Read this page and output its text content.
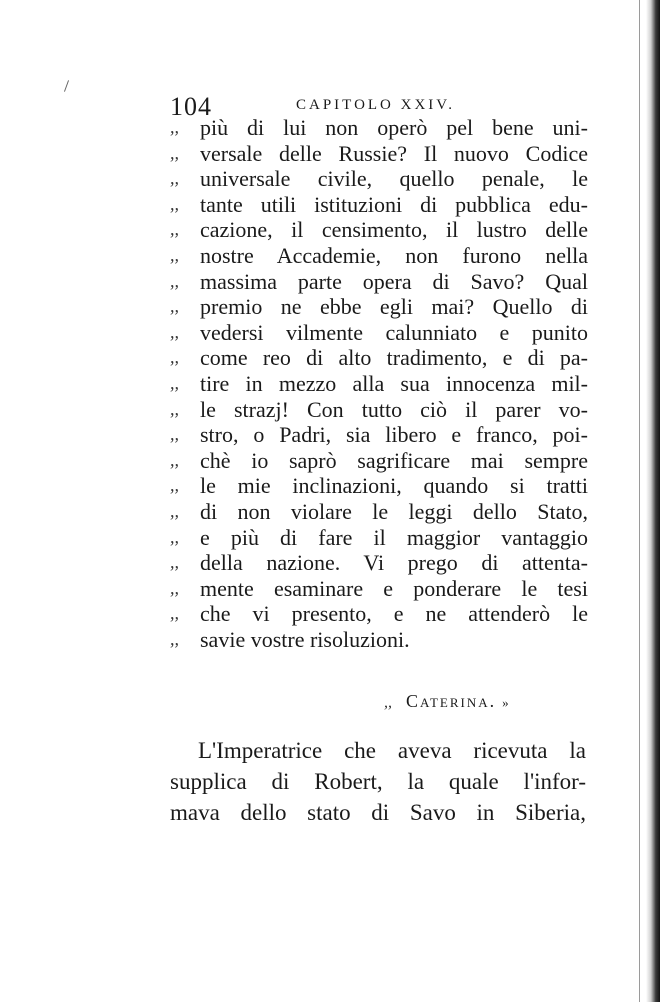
104	CAPITOLO XXIV.
,, più di lui non operò pel bene uni-
,, versale delle Russie? Il nuovo Codice
,, universale civile, quello penale, le
,, tante utili istituzioni di pubblica edu-
,, cazione, il censimento, il lustro delle
,, nostre Accademie, non furono nella
,, massima parte opera di Savo? Qual
,, premio ne ebbe egli mai? Quello di
,, vedersi vilmente calunniato e punito
,, come reo di alto tradimento, e di pa-
,, tire in mezzo alla sua innocenza mil-
,, le strazj! Con tutto ciò il parer vo-
,, stro, o Padri, sia libero e franco, poi-
,, chè io saprò sagrificare mai sempre
,, le mie inclinazioni, quando si tratti
,, di non violare le leggi dello Stato,
,, e più di fare il maggior vantaggio
,, della nazione. Vi prego di attenta-
,, mente esaminare e ponderare le tesi
,, che vi presento, e ne attenderò le
,, savie vostre risoluzioni.
,, Caterina. »
L'Imperatrice che aveva ricevuta la
supplica di Robert, la quale l'infor-
mava dello stato di Savo in Siberia,
